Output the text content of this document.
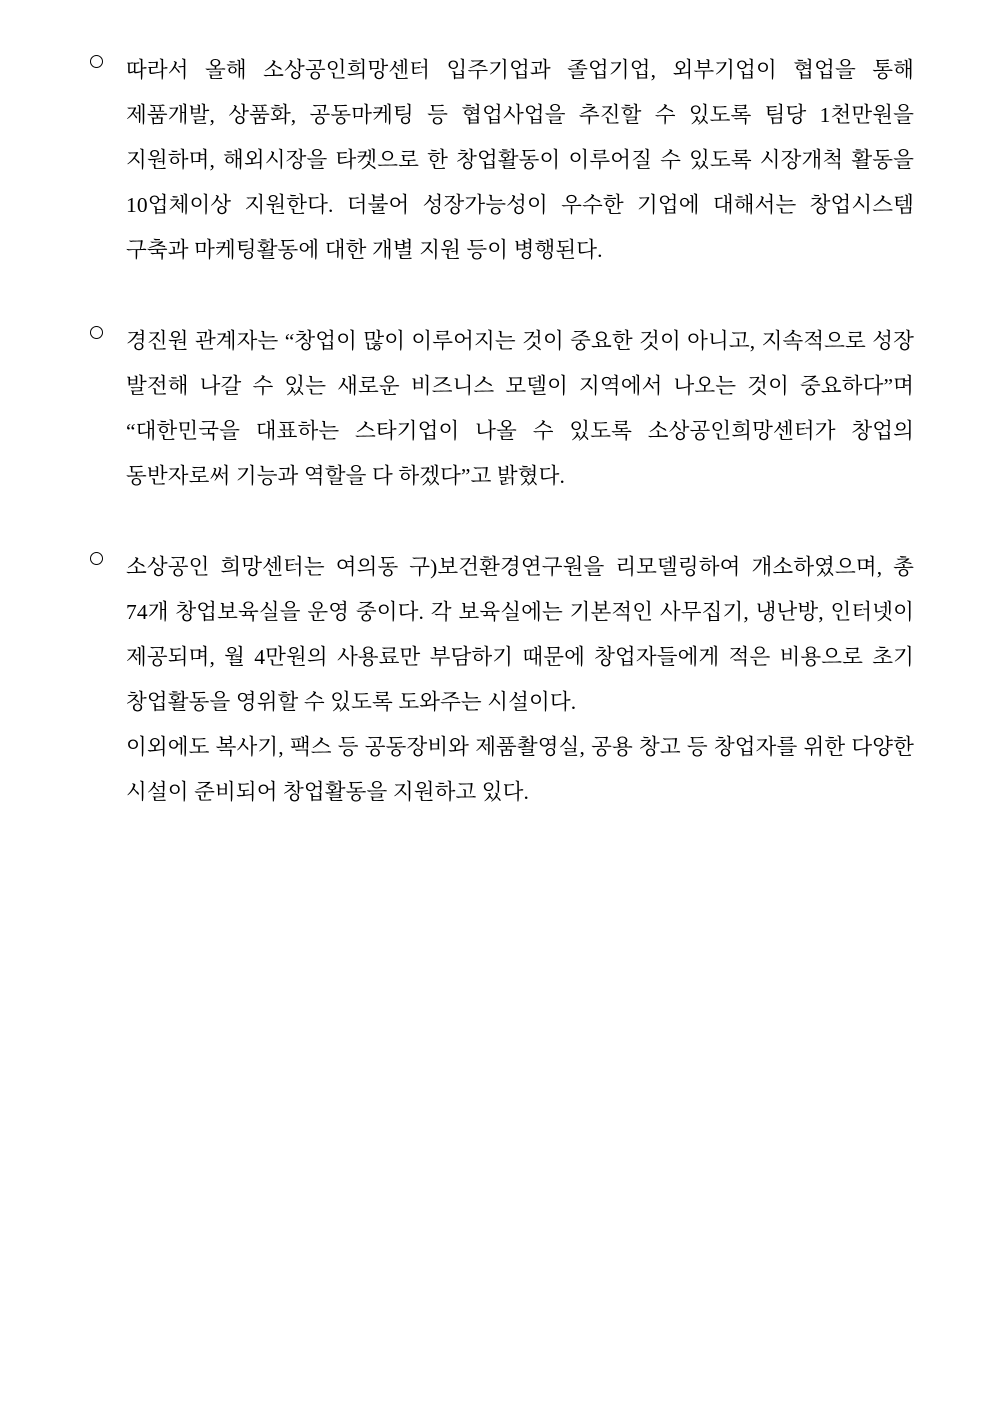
따라서 올해 소상공인희망센터 입주기업과 졸업기업, 외부기업이 협업을 통해 제품개발, 상품화, 공동마케팅 등 협업사업을 추진할 수 있도록 팀당 1천만원을 지원하며, 해외시장을 타켓으로 한 창업활동이 이루어질 수 있도록 시장개척 활동을 10업체이상 지원한다. 더불어 성장가능성이 우수한 기업에 대해서는 창업시스템 구축과 마케팅활동에 대한 개별 지원 등이 병행된다.
경진원 관계자는 “창업이 많이 이루어지는 것이 중요한 것이 아니고, 지속적으로 성장 발전해 나갈 수 있는 새로운 비즈니스 모델이 지역에서 나오는 것이 중요하다”며 “대한민국을 대표하는 스타기업이 나올 수 있도록 소상공인희망센터가 창업의 동반자로써 기능과 역할을 다 하겠다”고 밝혔다.
소상공인 희망센터는 여의동 구)보건환경연구원을 리모델링하여 개소하였으며, 총 74개 창업보육실을 운영 중이다. 각 보육실에는 기본적인 사무집기, 냉난방, 인터넷이 제공되며, 월 4만원의 사용료만 부담하기 때문에 창업자들에게 적은 비용으로 초기 창업활동을 영위할 수 있도록 도와주는 시설이다.
이외에도 복사기, 팩스 등 공동장비와 제품촬영실, 공용 창고 등 창업자를 위한 다양한 시설이 준비되어 창업활동을 지원하고 있다.
